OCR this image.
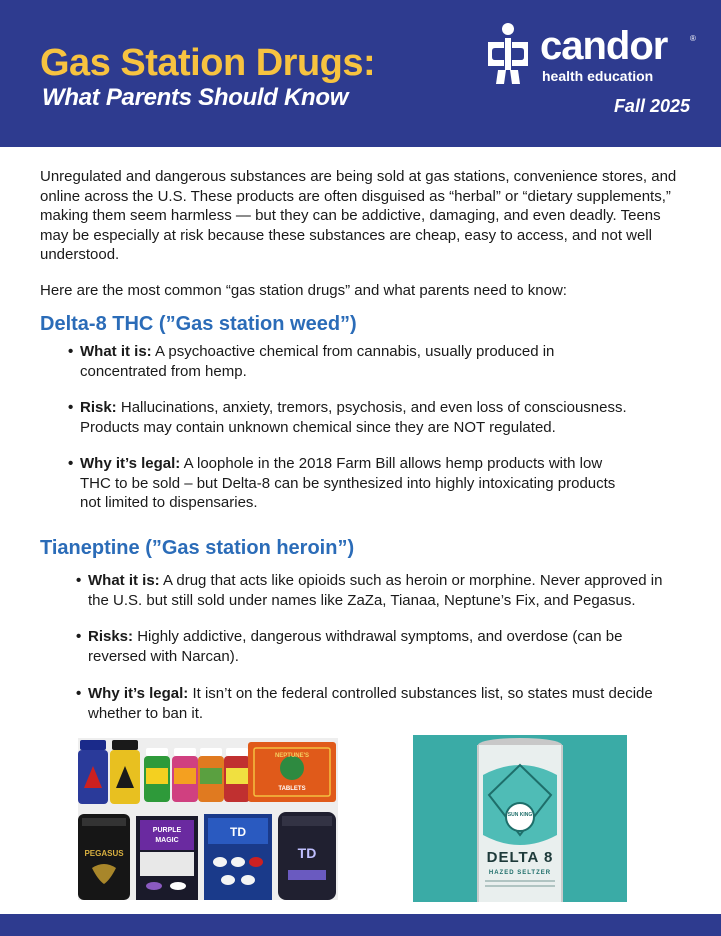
Gas Station Drugs:
What Parents Should Know
candor	®
health education
Fall 2025

Unregulated and dangerous substances are being sold at gas stations, convenience stores, and online across the U.S. These products are often disguised as “herbal” or “dietary supplements,” making them seem harmless — but they can be addictive, damaging, and even deadly. Teens may be especially at risk because these substances are cheap, easy to access, and not well understood.

Here are the most common “gas station drugs” and what parents need to know:

Delta-8 THC (”Gas station weed”)
• What it is: A psychoactive chemical from cannabis, usually produced in concentrated from hemp.
• Risk: Hallucinations, anxiety, tremors, psychosis, and even loss of consciousness. Products may contain unknown chemical since they are NOT regulated.
• Why it’s legal: A loophole in the 2018 Farm Bill allows hemp products with low THC to be sold – but Delta-8 can be synthesized into highly intoxicating products not limited to dispensaries.
Tianeptine (”Gas station heroin”)
• What it is: A drug that acts like opioids such as heroin or morphine. Never approved in the U.S. but still sold under names like ZaZa, Tianaa, Neptune’s Fix, and Pegasus.
• Risks: Highly addictive, dangerous withdrawal symptoms, and overdose (can be reversed with Narcan).
• Why it’s legal: It isn’t on the federal controlled substances list, so states must decide whether to ban it.
NEPTUNE'S
TABLETS
PEGASUS
PURPLE
MAGIC
TD
TD
SUN KING
DELTA 8
HAZED SELTZER
